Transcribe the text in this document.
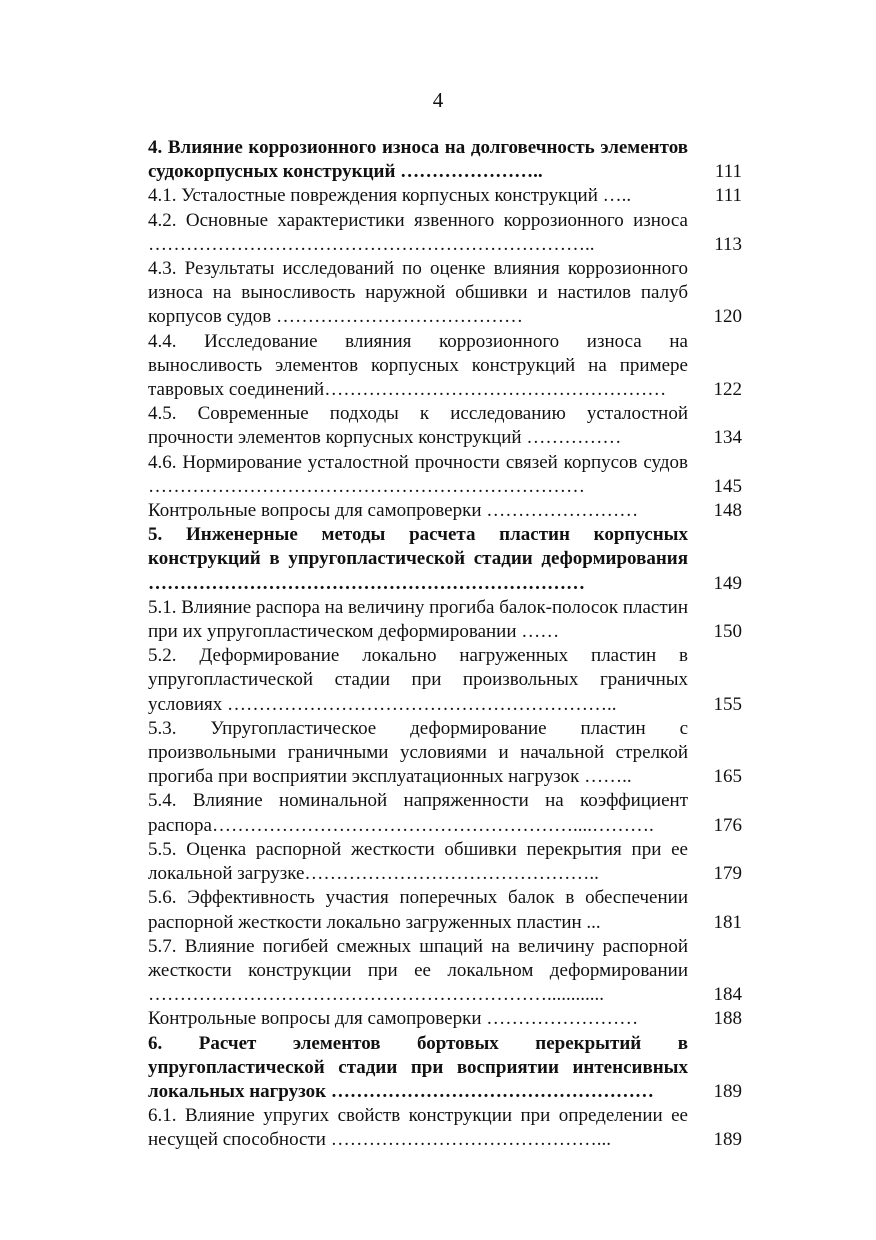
4
4. Влияние коррозионного износа на долговечность элементов судокорпусных конструкций …………………..	111
4.1. Усталостные повреждения корпусных конструкций …..	111
4.2. Основные характеристики язвенного коррозионного износа ……………………………………………………………..	113
4.3. Результаты исследований по оценке влияния коррозионного износа на выносливость наружной обшивки и настилов палуб корпусов судов …………………………………	120
4.4. Исследование влияния коррозионного износа на выносливость элементов корпусных конструкций на примере тавровых соединений………………………………………………	122
4.5. Современные подходы к исследованию усталостной прочности элементов корпусных конструкций ……………	134
4.6. Нормирование усталостной прочности связей корпусов судов ……………………………………………………………	145
Контрольные вопросы для самопроверки ……………………	148
5. Инженерные методы расчета пластин корпусных конструкций в упругопластической стадии деформирования ……………………………………………………………	149
5.1. Влияние распора на величину прогиба балок-полосок пластин при их упругопластическом деформировании ……	150
5.2. Деформирование локально нагруженных пластин в упругопластической стадии при произвольных граничных условиях ……………………………………………………..	155
5.3. Упругопластическое деформирование пластин с произвольными граничными условиями и начальной стрелкой прогиба при восприятии эксплуатационных нагрузок ……..	165
5.4. Влияние номинальной напряженности на коэффициент распора…………………………………………………....……….	176
5.5. Оценка распорной жесткости обшивки перекрытия при ее локальной загрузке………………………………………..	179
5.6. Эффективность участия поперечных балок в обеспечении распорной жесткости локально загруженных пластин ...	181
5.7. Влияние погибей смежных шпаций на величину распорной жесткости конструкции при ее локальном деформировании ………………………………………………………............	184
Контрольные вопросы для самопроверки ……………………	188
6. Расчет элементов бортовых перекрытий в упругопластической стадии при восприятии интенсивных локальных нагрузок ……………………………………………	189
6.1. Влияние упругих свойств конструкции при определении ее несущей способности ……………………………………...	189
